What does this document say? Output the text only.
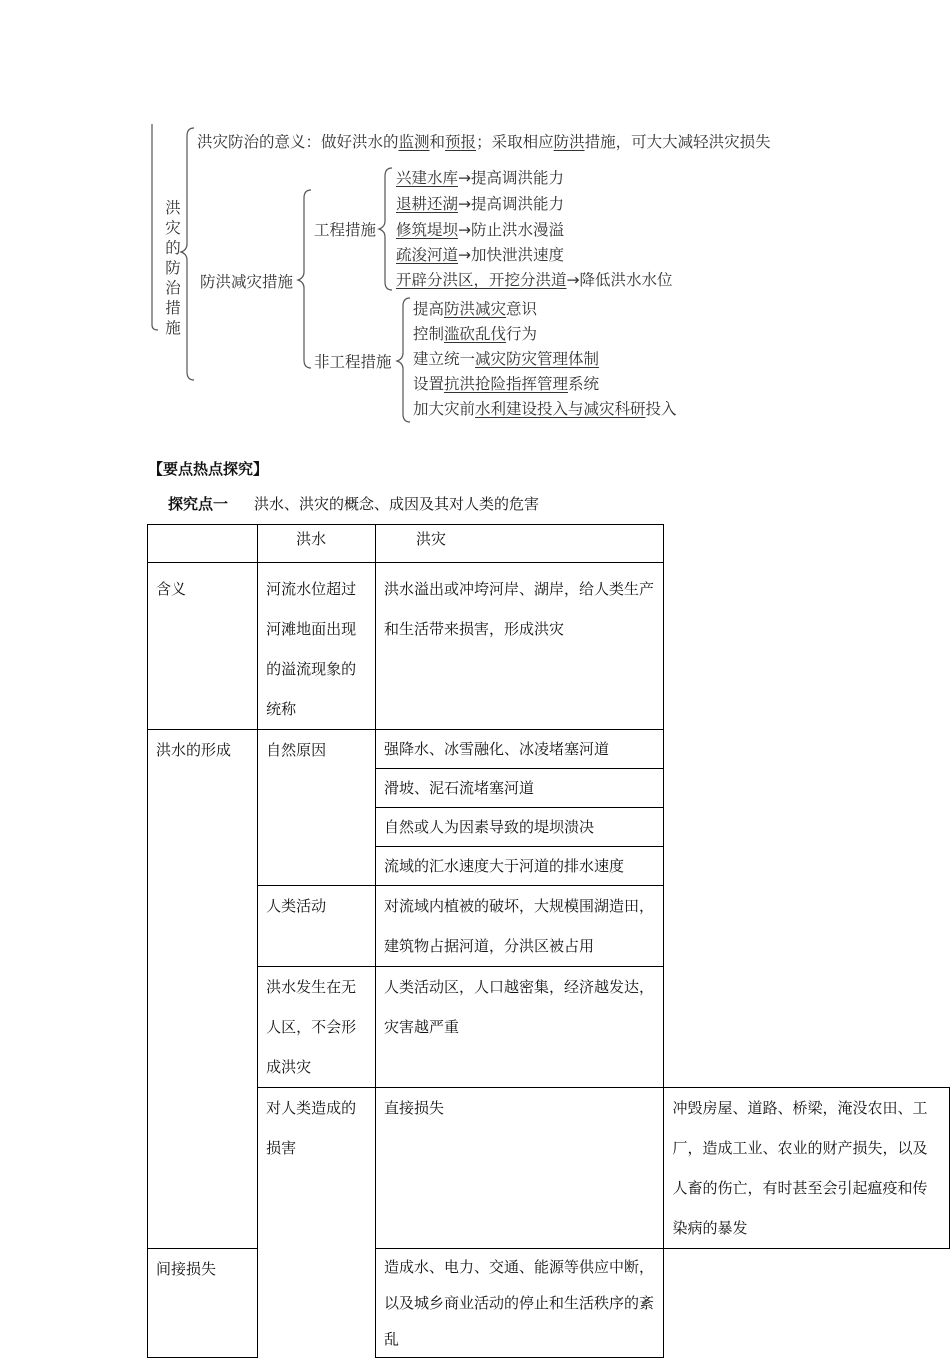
洪灾的防治措施
洪灾防治的意义：做好洪水的监测和预报；采取相应防洪措施，可大大减轻洪灾损失
防洪减灾措施
工程措施
非工程措施
兴建水库→提高调洪能力
退耕还湖→提高调洪能力
修筑堤坝→防止洪水漫溢
疏浚河道→加快泄洪速度
开辟分洪区，开挖分洪道→降低洪水水位
提高防洪减灾意识
控制滥砍乱伐行为
建立统一减灾防灾管理体制
设置抗洪抢险指挥管理系统
加大灾前水利建设投入与减灾科研投入
【要点热点探究】
探究点一 洪水、洪灾的概念、成因及其对人类的危害

	洪水	洪灾	

含义	河流水位超过河滩地面出现的溢流现象的统称	洪水溢出或冲垮河岸、湖岸，给人类生产和生活带来损害，形成洪灾	

洪水的形成	自然原因	强降水、冰雪融化、冰凌堵塞河道	

		滑坡、泥石流堵塞河道	

		自然或人为因素导致的堤坝溃决	

		流域的汇水速度大于河道的排水速度	

	人类活动	对流域内植被的破坏，大规模围湖造田，建筑物占据河道，分洪区被占用	

	洪水发生在无人区，不会形成洪灾	人类活动区，人口越密集，经济越发达，灾害越严重	

	对人类造成的损害	直接损失	冲毁房屋、道路、桥梁，淹没农田、工厂，造成工业、农业的财产损失，以及人畜的伤亡，有时甚至会引起瘟疫和传染病的暴发

间接损失		造成水、电力、交通、能源等供应中断，以及城乡商业活动的停止和生活秩序的紊乱	
